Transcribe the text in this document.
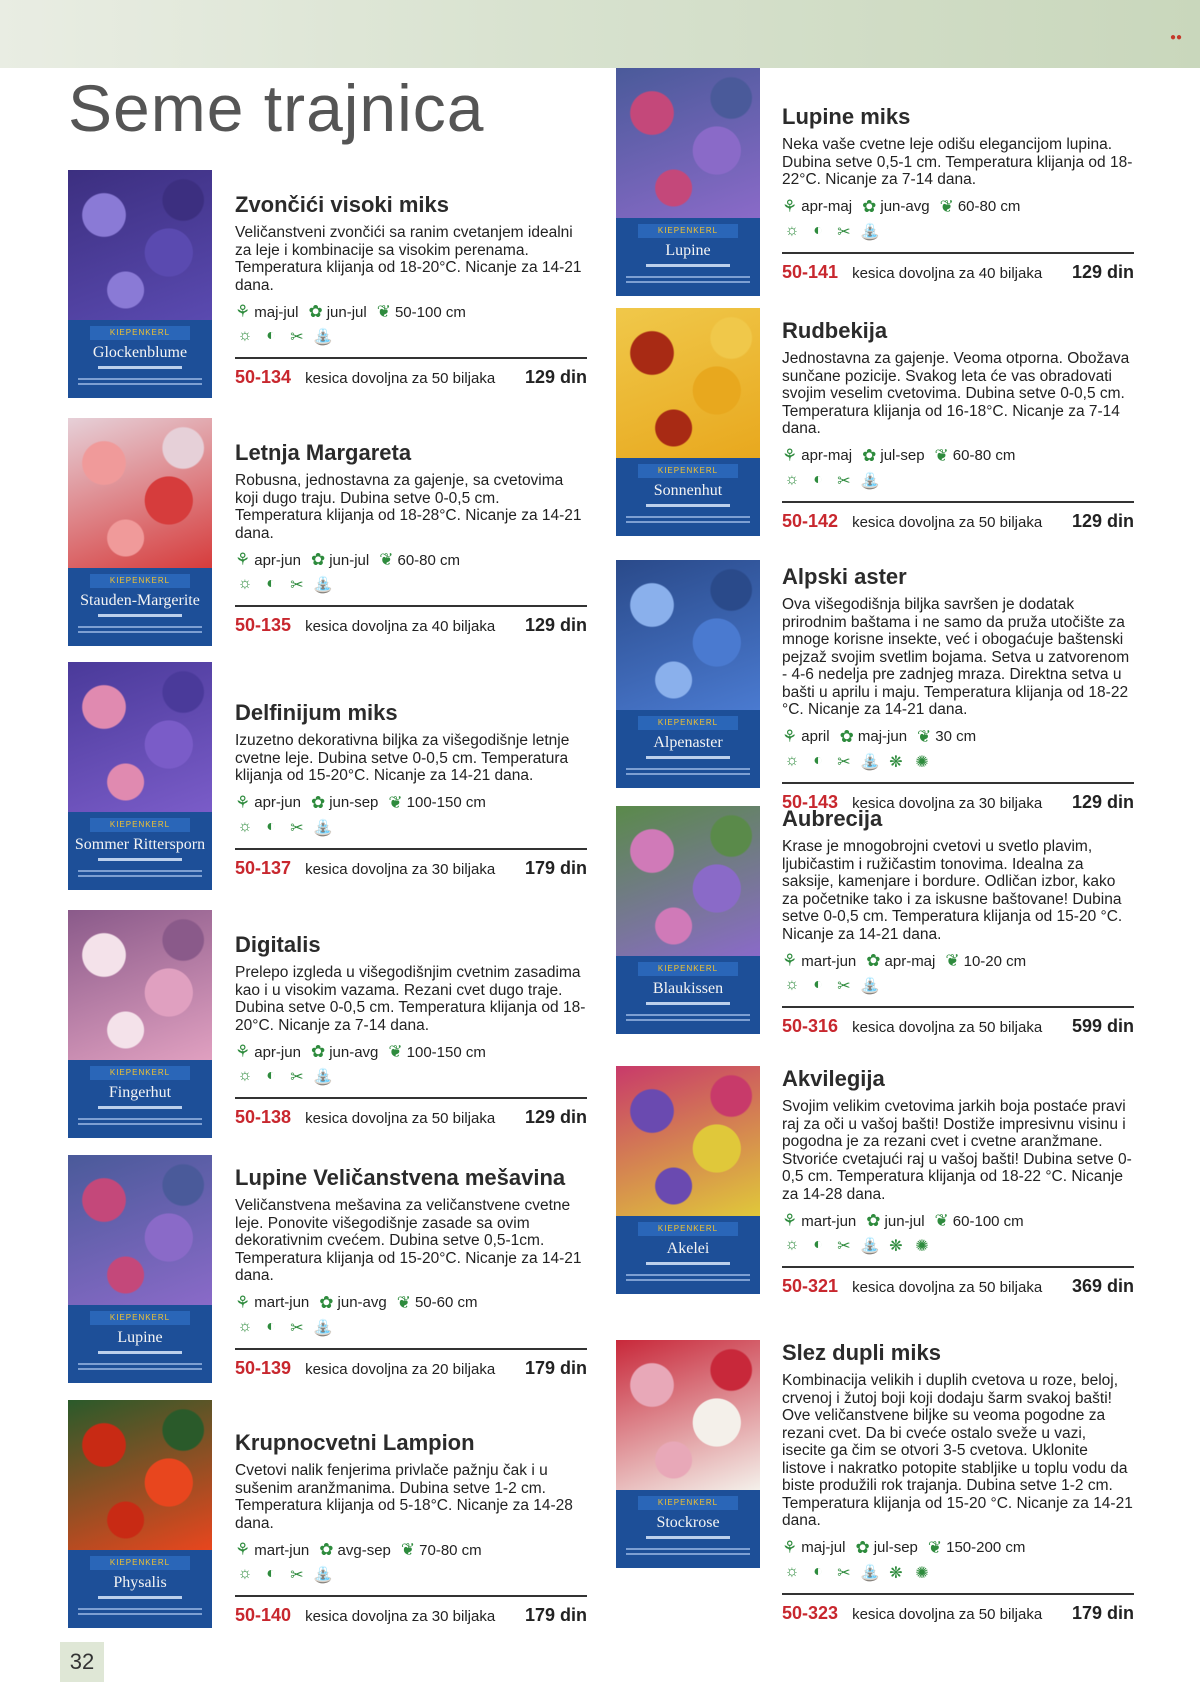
●●
Seme trajnica
32
KIEPENKERL
Glockenblume
Zvončići visoki miks

Veličanstveni zvončići sa ranim cvetanjem idealni za leje i kombinacije sa visokim perenama. Temperatura klijanja od 18-20°C. Nicanje za 14-21 dana.

⚘ maj-jul ✿ jun-jul ❦ 50-100 cm
☼ ◐ ✂ ⛲
50-134 kesica dovoljna za 50 biljaka	129 din
KIEPENKERL
Stauden-Margerite
Letnja Margareta

Robusna, jednostavna za gajenje, sa cvetovima koji dugo traju. Dubina setve 0-0,5 cm. Temperatura klijanja od 18-28°C. Nicanje za 14-21 dana.

⚘ apr-jun ✿ jun-jul ❦ 60-80 cm
☼ ◐ ✂ ⛲
50-135 kesica dovoljna za 40 biljaka	129 din
KIEPENKERL
Sommer Rittersporn
Delfinijum miks

Izuzetno dekorativna biljka za višegodišnje letnje cvetne leje. Dubina setve 0-0,5 cm. Temperatura klijanja od 15-20°C. Nicanje za 14-21 dana.

⚘ apr-jun ✿ jun-sep ❦ 100-150 cm
☼ ◐ ✂ ⛲
50-137 kesica dovoljna za 30 biljaka	179 din
KIEPENKERL
Fingerhut
Digitalis

Prelepo izgleda u višegodišnjim cvetnim zasadima kao i u visokim vazama. Rezani cvet dugo traje. Dubina setve 0-0,5 cm. Temperatura klijanja od 18-20°C. Nicanje za 7-14 dana.

⚘ apr-jun ✿ jun-avg ❦ 100-150 cm
☼ ◐ ✂ ⛲
50-138 kesica dovoljna za 50 biljaka	129 din
KIEPENKERL
Lupine
Lupine Veličanstvena mešavina

Veličanstvena mešavina za veličanstvene cvetne leje. Ponovite višegodišnje zasade sa ovim dekorativnim cvećem. Dubina setve 0,5-1cm. Temperatura klijanja od 15-20°C. Nicanje za 14-21 dana.

⚘ mart-jun ✿ jun-avg ❦ 50-60 cm
☼ ◐ ✂ ⛲
50-139 kesica dovoljna za 20 biljaka	179 din
KIEPENKERL
Physalis
Krupnocvetni Lampion

Cvetovi nalik fenjerima privlače pažnju čak i u sušenim aranžmanima. Dubina setve 1-2 cm. Temperatura klijanja od 5-18°C. Nicanje za 14-28 dana.

⚘ mart-jun ✿ avg-sep ❦ 70-80 cm
☼ ◐ ✂ ⛲
50-140 kesica dovoljna za 30 biljaka	179 din
KIEPENKERL
Lupine
Lupine miks

Neka vaše cvetne leje odišu elegancijom lupina. Dubina setve 0,5-1 cm. Temperatura klijanja od 18-22°C. Nicanje za 7-14 dana.

⚘ apr-maj ✿ jun-avg ❦ 60-80 cm
☼ ◐ ✂ ⛲
50-141 kesica dovoljna za 40 biljaka	129 din
KIEPENKERL
Sonnenhut
Rudbekija

Jednostavna za gajenje. Veoma otporna. Obožava sunčane pozicije. Svakog leta će vas obradovati svojim veselim cvetovima. Dubina setve 0-0,5 cm. Temperatura klijanja od 16-18°C. Nicanje za 7-14 dana.

⚘ apr-maj ✿ jul-sep ❦ 60-80 cm
☼ ◐ ✂ ⛲
50-142 kesica dovoljna za 50 biljaka	129 din
KIEPENKERL
Alpenaster
Alpski aster

Ova višegodišnja biljka savršen je dodatak prirodnim baštama i ne samo da pruža utočište za mnoge korisne insekte, već i obogaćuje baštenski pejzaž svojim svetlim bojama. Setva u zatvorenom - 4-6 nedelja pre zadnjeg mraza. Direktna setva u bašti u aprilu i maju. Temperatura klijanja od 18-22 °C. Nicanje za 14-21 dana.

⚘ april ✿ maj-jun ❦ 30 cm
☼ ◐ ✂ ⛲ ❋ ✺
50-143 kesica dovoljna za 30 biljaka	129 din
KIEPENKERL
Blaukissen
Aubrecija

Krase je mnogobrojni cvetovi u svetlo plavim, ljubičastim i ružičastim tonovima. Idealna za saksije, kamenjare i bordure. Odličan izbor, kako za početnike tako i za iskusne baštovane! Dubina setve 0-0,5 cm. Temperatura klijanja od 15-20 °C. Nicanje za 14-21 dana.

⚘ mart-jun ✿ apr-maj ❦ 10-20 cm
☼ ◐ ✂ ⛲
50-316 kesica dovoljna za 50 biljaka	599 din
KIEPENKERL
Akelei
Akvilegija

Svojim velikim cvetovima jarkih boja postaće pravi raj za oči u vašoj bašti! Dostiže impresivnu visinu i pogodna je za rezani cvet i cvetne aranžmane. Stvoriće cvetajući raj u vašoj bašti! Dubina setve 0-0,5 cm. Temperatura klijanja od 18-22 °C. Nicanje za 14-28 dana.

⚘ mart-jun ✿ jun-jul ❦ 60-100 cm
☼ ◐ ✂ ⛲ ❋ ✺
50-321 kesica dovoljna za 50 biljaka	369 din
KIEPENKERL
Stockrose
Slez dupli miks

Kombinacija velikih i duplih cvetova u roze, beloj, crvenoj i žutoj boji koji dodaju šarm svakoj bašti! Ove veličanstvene biljke su veoma pogodne za rezani cvet. Da bi cveće ostalo sveže u vazi, isecite ga čim se otvori 3-5 cvetova. Uklonite listove i nakratko potopite stabljike u toplu vodu da biste produžili rok trajanja. Dubina setve 1-2 cm. Temperatura klijanja od 15-20 °C. Nicanje za 14-21 dana.

⚘ maj-jul ✿ jul-sep ❦ 150-200 cm
☼ ◐ ✂ ⛲ ❋ ✺
50-323 kesica dovoljna za 50 biljaka	179 din
